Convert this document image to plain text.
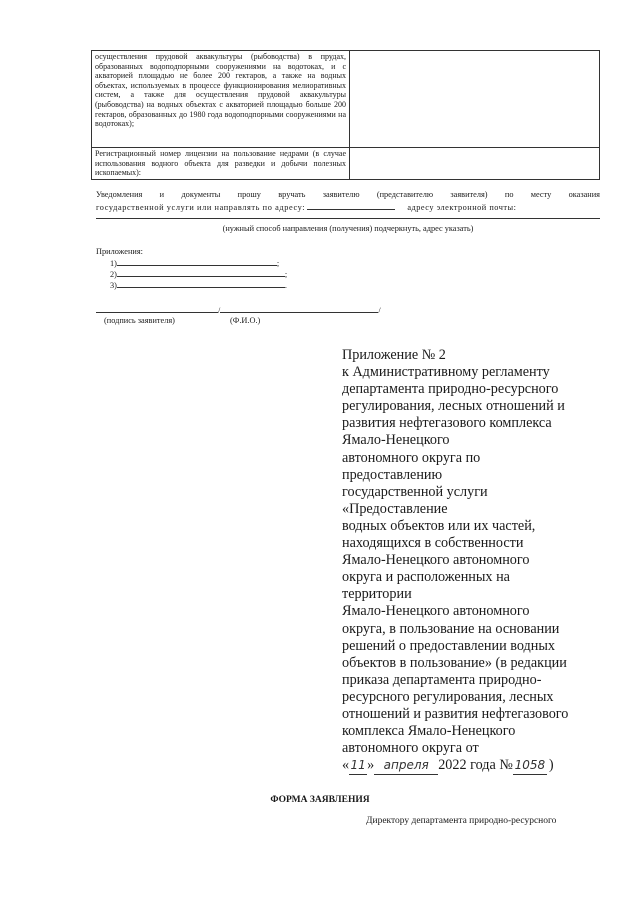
осуществления прудовой аквакультуры (рыбоводства) в прудах, образованных водоподпорными сооружениями на водотоках, и с акваторией площадью не более 200 гектаров, а также на водных объектах, используемых в процессе функционирования мелиоративных систем, а также для осуществления прудовой аквакультуры (рыбоводства) на водных объектах с акваторией площадью больше 200 гектаров, образованных до 1980 года водоподпорными сооружениями на водотоках);	
Регистрационный номер лицензии на пользование недрами (в случае использования водного объекта для разведки и добычи полезных ископаемых):	
Уведомления и документы прошу вручать заявителю (представителю заявителя) по месту оказания
государственной услуги или направлять по адресу:	адресу электронной почты:
(нужный способ направления (получения) подчеркнуть, адрес указать)
Приложения:
1)	;
2)	;
3)	.
/	/
(подпись заявителя)	(Ф.И.О.)

Приложение № 2

к Административному регламенту

департамента природно-ресурсного

регулирования, лесных отношений и

развития нефтегазового комплекса

Ямало-Ненецкого

автономного округа по

предоставлению

государственной услуги

«Предоставление

водных объектов или их частей,

находящихся в собственности

Ямало-Ненецкого автономного

округа и расположенных на

территории

Ямало-Ненецкого автономного

округа, в пользование на основании

решений о предоставлении водных

объектов в пользование» (в редакции

приказа департамента природно-

ресурсного регулирования, лесных

отношений и развития нефтегазового

комплекса Ямало-Ненецкого

автономного округа от

«11» апреля 2022 года № 1058 )

ФОРМА ЗАЯВЛЕНИЯ
Директору департамента природно-ресурсного
